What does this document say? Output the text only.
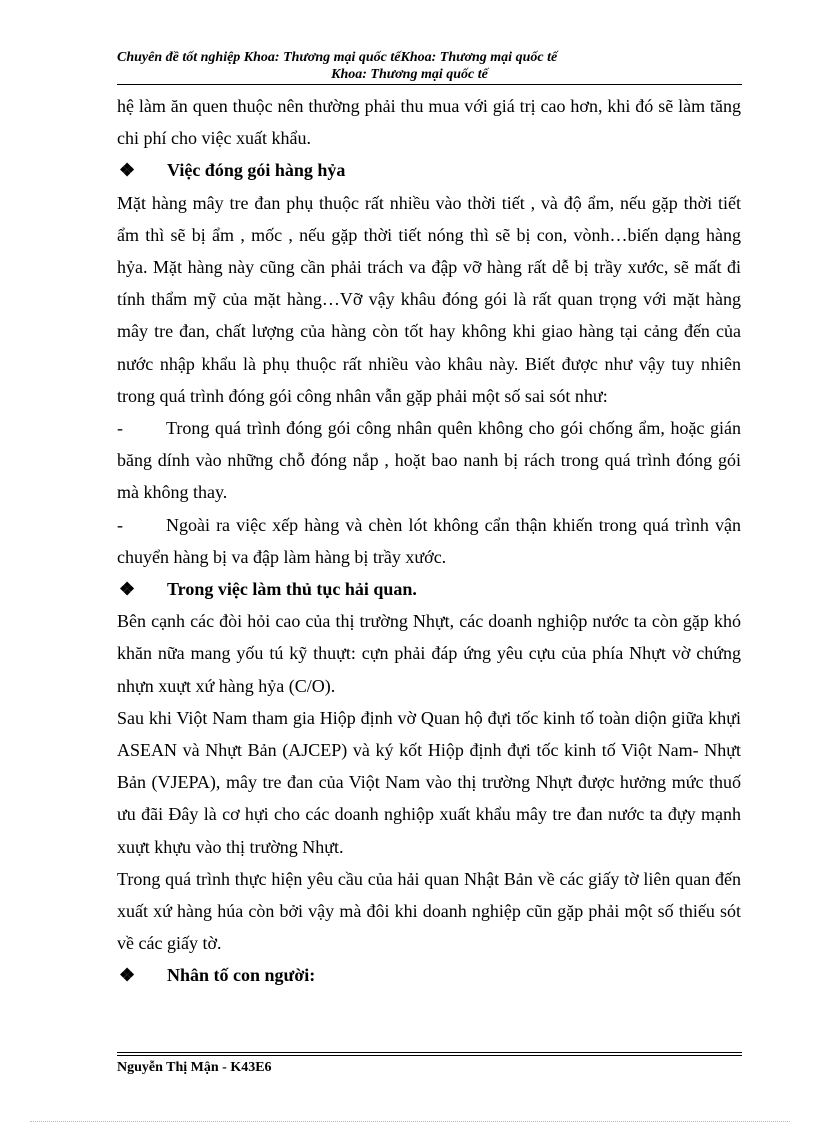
Chuyên đề tốt nghiệp Khoa: Thương mại quốc tếKhoa: Thương mại quốc tế
Khoa: Thương mại quốc tế

hệ làm ăn quen thuộc nên thường phải thu mua với giá trị cao hơn, khi đó sẽ làm tăng chi phí cho việc xuất khẩu.

❖	Việc đóng gói hàng hỷa

Mặt hàng mây tre đan phụ thuộc rất nhiều vào thời tiết , và độ ẩm, nếu gặp thời tiết ẩm thì sẽ bị ẩm , mốc , nếu gặp thời tiết nóng thì sẽ bị con, vònh…biến dạng hàng hỷa. Mặt hàng này cũng cần phải trách va đập vỡ hàng rất dễ bị trầy xước, sẽ mất đi tính thẩm mỹ của mặt hàng…Vỡ vậy khâu đóng gói là rất quan trọng với mặt hàng mây tre đan, chất lượng của hàng còn tốt hay không khi giao hàng tại cảng đến của nước nhập khẩu là phụ thuộc rất nhiều vào khâu này. Biết được như vậy tuy nhiên trong quá trình đóng gói công nhân vẫn gặp phải một số sai sót như:

- Trong quá trình đóng gói công nhân quên không cho gói chống ẩm, hoặc gián băng dính vào những chỗ đóng nắp , hoặt bao nanh bị rách trong quá trình đóng gói mà không thay.

- Ngoài ra việc xếp hàng và chèn lót không cẩn thận khiến trong quá trình vận chuyển hàng bị va đập làm hàng bị trầy xước.

❖	Trong việc làm thủ tục hải quan.

Bên cạnh các đòi hỏi cao của thị trường Nhựt, các doanh nghiộp nước ta còn gặp khó khăn nữa mang yốu tú kỹ thuựt: cựn phải đáp ứng yêu cựu của phía Nhựt vờ chứng nhựn xuựt xứ hàng hỷa (C/O).

Sau khi Viột Nam tham gia Hiộp định vờ Quan hộ đựi tốc kinh tố toàn diộn giữa khựi ASEAN và Nhựt Bản (AJCEP) và ký kốt Hiộp định đựi tốc kinh tố Viột Nam- Nhựt Bản (VJEPA), mây tre đan của Viột Nam vào thị trường Nhựt được hưởng mức thuố ưu đãi Đây là cơ hựi cho các doanh nghiộp xuất khẩu mây tre đan nước ta đựy mạnh xuựt khựu vào thị trường Nhựt.

Trong quá trình thực hiện yêu cầu của hải quan Nhật Bản về các giấy tờ liên quan đến xuất xứ hàng húa còn bởi vậy mà đôi khi doanh nghiệp cũn gặp phải một số thiếu sót về các giấy tờ.

❖	Nhân tố con người:
Nguyễn Thị Mận - K43E6
